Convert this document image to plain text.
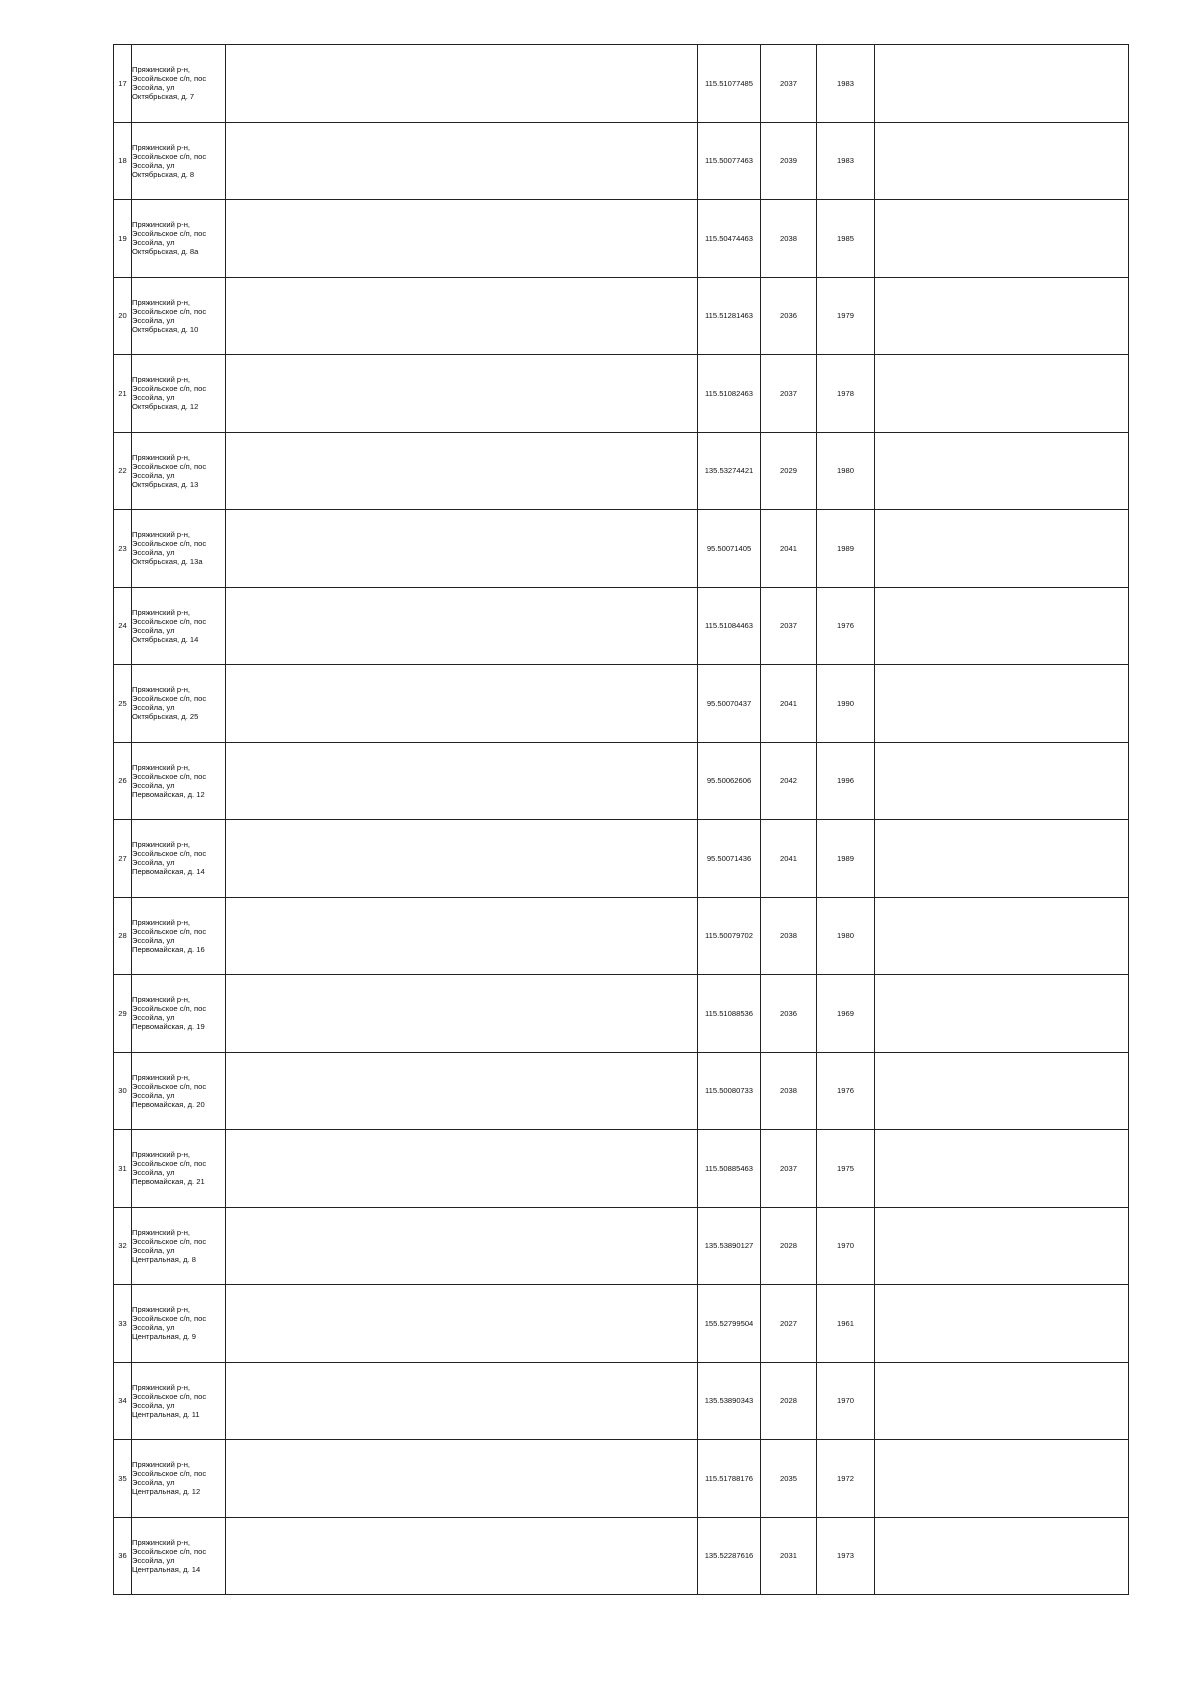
17	Пряжинский р-н,
Эссойльское с/п, пос
Эссойла, ул
Октябрьская, д. 7		115.51077485	2037	1983	
18	Пряжинский р-н,
Эссойльское с/п, пос
Эссойла, ул
Октябрьская, д. 8		115.50077463	2039	1983	
19	Пряжинский р-н,
Эссойльское с/п, пос
Эссойла, ул
Октябрьская, д. 8а		115.50474463	2038	1985	
20	Пряжинский р-н,
Эссойльское с/п, пос
Эссойла, ул
Октябрьская, д. 10		115.51281463	2036	1979	
21	Пряжинский р-н,
Эссойльское с/п, пос
Эссойла, ул
Октябрьская, д. 12		115.51082463	2037	1978	
22	Пряжинский р-н,
Эссойльское с/п, пос
Эссойла, ул
Октябрьская, д. 13		135.53274421	2029	1980	
23	Пряжинский р-н,
Эссойльское с/п, пос
Эссойла, ул
Октябрьская, д. 13а		95.50071405	2041	1989	
24	Пряжинский р-н,
Эссойльское с/п, пос
Эссойла, ул
Октябрьская, д. 14		115.51084463	2037	1976	
25	Пряжинский р-н,
Эссойльское с/п, пос
Эссойла, ул
Октябрьская, д. 25		95.50070437	2041	1990	
26	Пряжинский р-н,
Эссойльское с/п, пос
Эссойла, ул
Первомайская, д. 12		95.50062606	2042	1996	
27	Пряжинский р-н,
Эссойльское с/п, пос
Эссойла, ул
Первомайская, д. 14		95.50071436	2041	1989	
28	Пряжинский р-н,
Эссойльское с/п, пос
Эссойла, ул
Первомайская, д. 16		115.50079702	2038	1980	
29	Пряжинский р-н,
Эссойльское с/п, пос
Эссойла, ул
Первомайская, д. 19		115.51088536	2036	1969	
30	Пряжинский р-н,
Эссойльское с/п, пос
Эссойла, ул
Первомайская, д. 20		115.50080733	2038	1976	
31	Пряжинский р-н,
Эссойльское с/п, пос
Эссойла, ул
Первомайская, д. 21		115.50885463	2037	1975	
32	Пряжинский р-н,
Эссойльское с/п, пос
Эссойла, ул
Центральная, д. 8		135.53890127	2028	1970	
33	Пряжинский р-н,
Эссойльское с/п, пос
Эссойла, ул
Центральная, д. 9		155.52799504	2027	1961	
34	Пряжинский р-н,
Эссойльское с/п, пос
Эссойла, ул
Центральная, д. 11		135.53890343	2028	1970	
35	Пряжинский р-н,
Эссойльское с/п, пос
Эссойла, ул
Центральная, д. 12		115.51788176	2035	1972	
36	Пряжинский р-н,
Эссойльское с/п, пос
Эссойла, ул
Центральная, д. 14		135.52287616	2031	1973	
